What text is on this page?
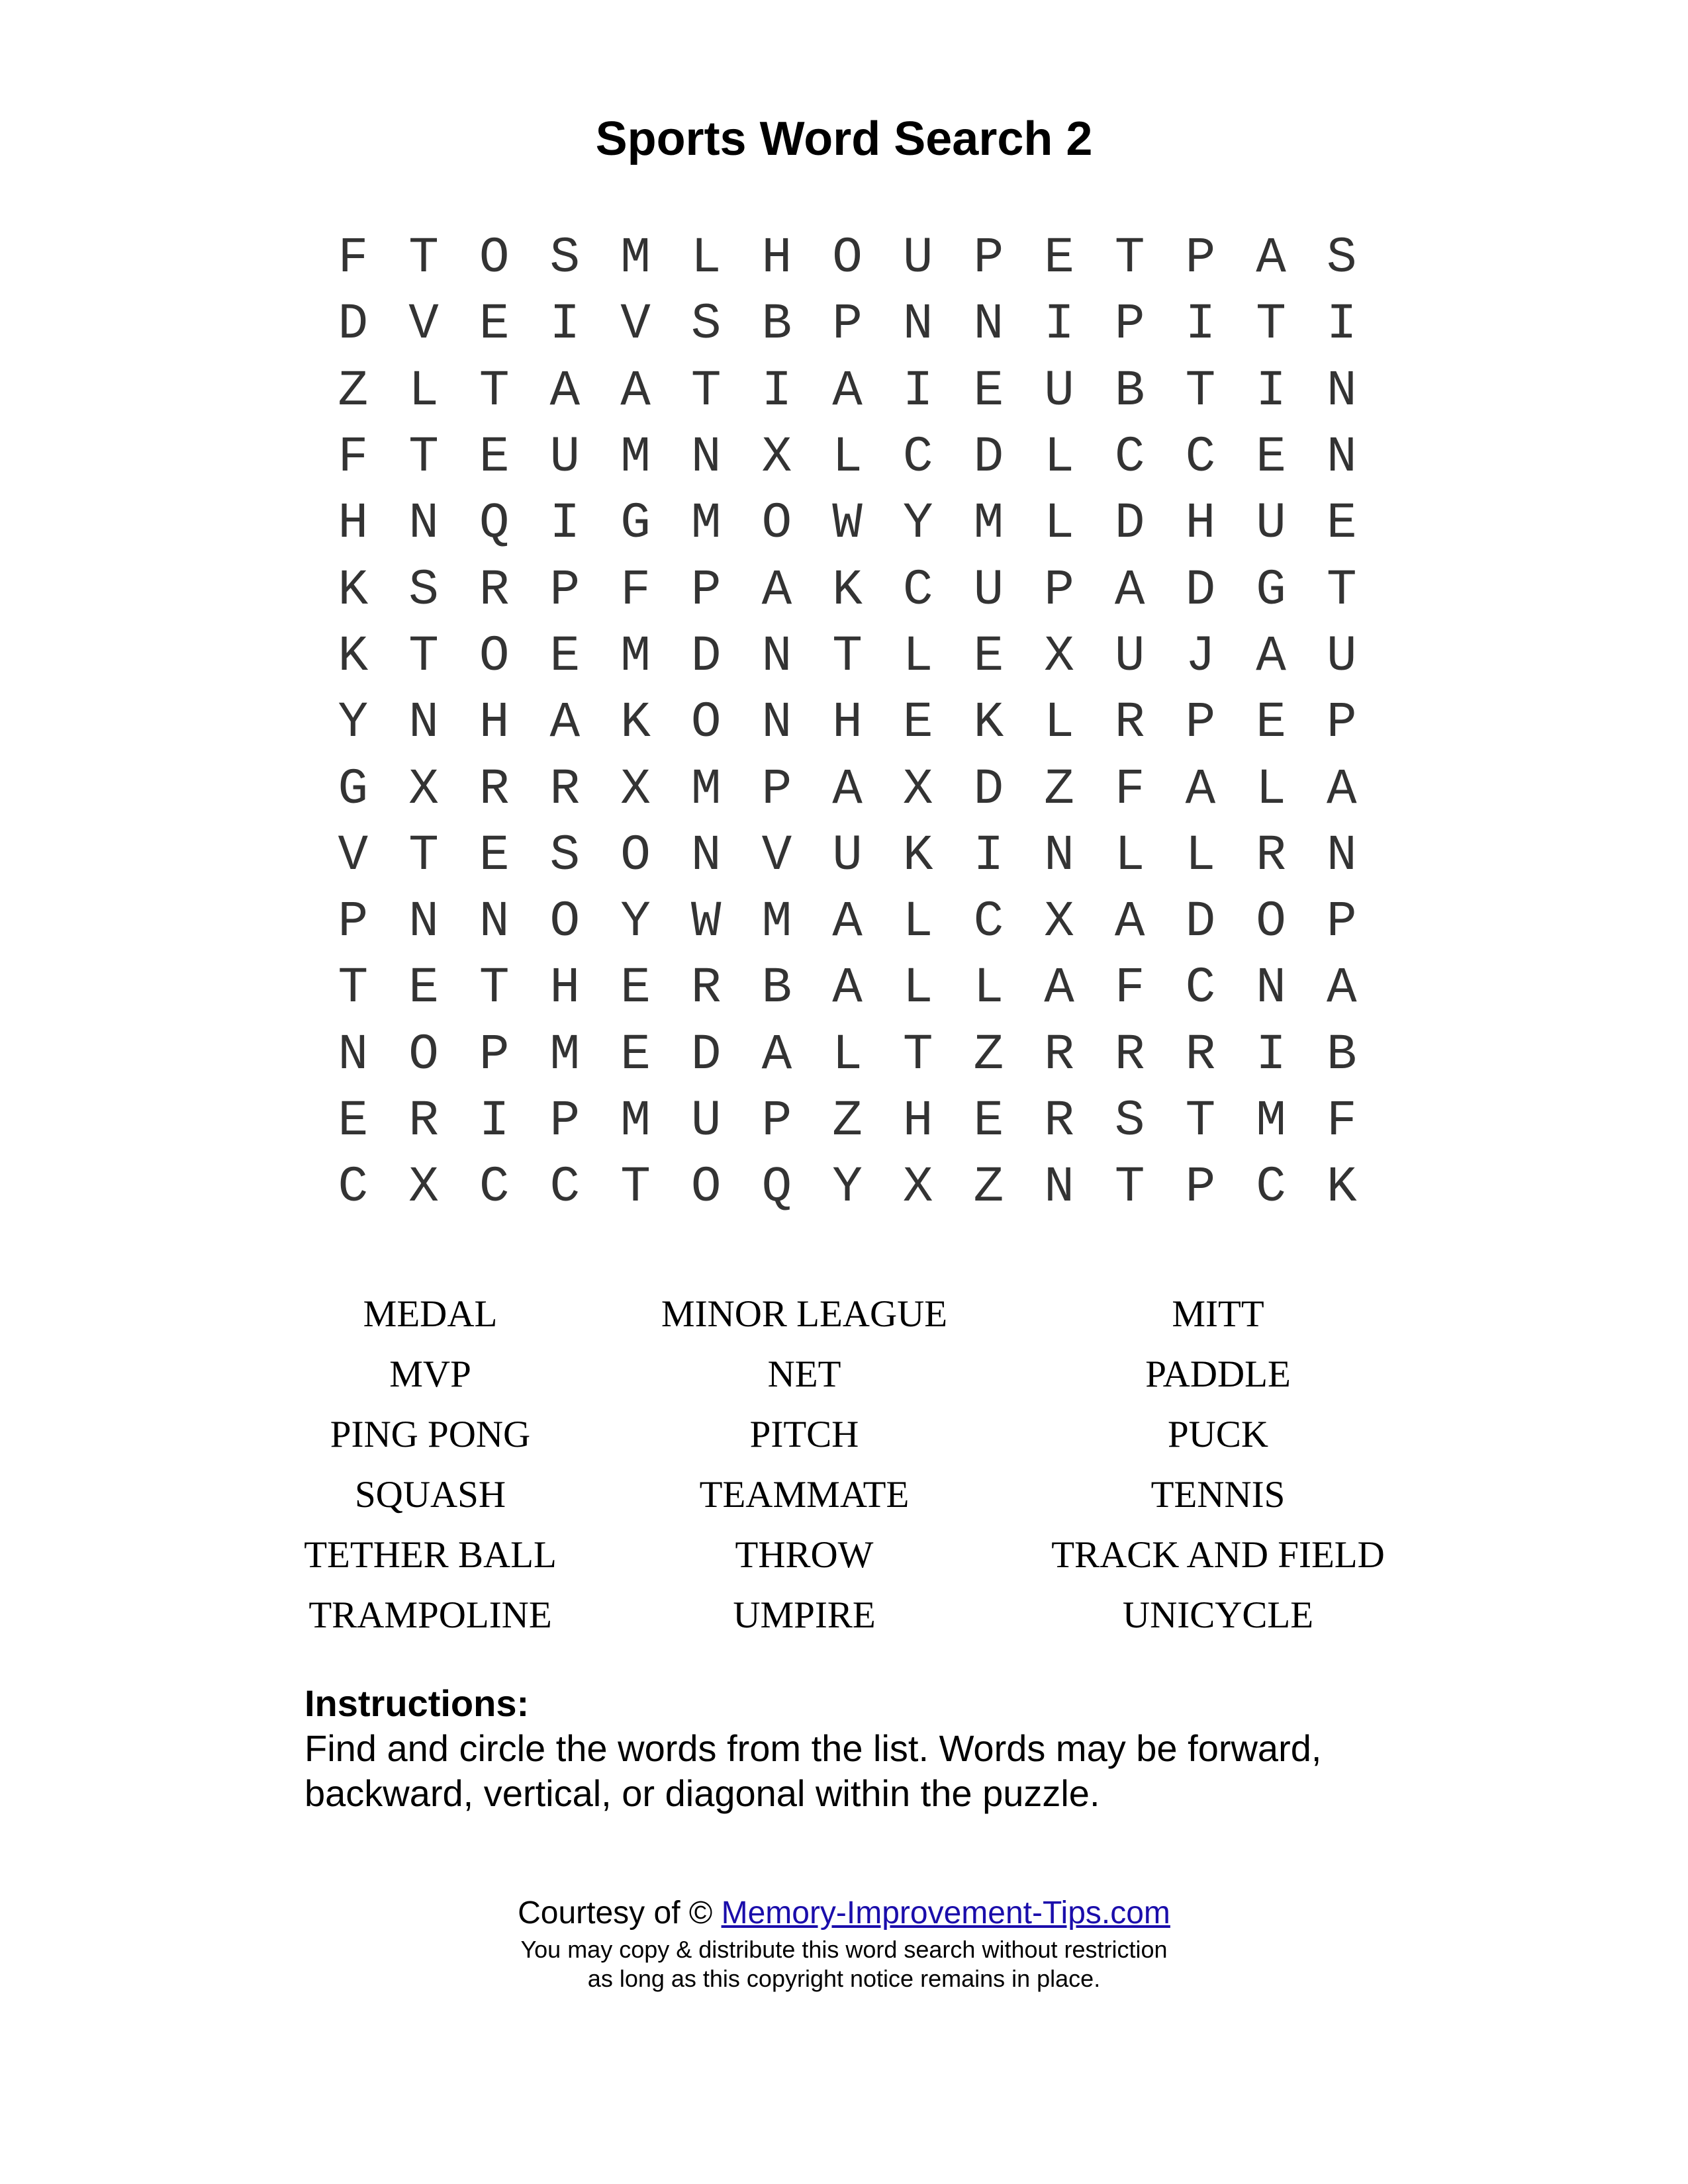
Sports Word Search 2
F T O S M L H O U P E T P A S
D V E I V S B P N N I P I T I
Z L T A A T I A I E U B T I N
F T E U M N X L C D L C C E N
H N Q I G M O W Y M L D H U E
K S R P F P A K C U P A D G T
K T O E M D N T L E X U J A U
Y N H A K O N H E K L R P E P
G X R R X M P A X D Z F A L A
V T E S O N V U K I N L L R N
P N N O Y W M A L C X A D O P
T E T H E R B A L L A F C N A
N O P M E D A L T Z R R R I B
E R I P M U P Z H E R S T M F
C X C C T O Q Y X Z N T P C K
MEDAL	MINOR LEAGUE	MITT
MVP	NET	PADDLE
PING PONG	PITCH	PUCK
SQUASH	TEAMMATE	TENNIS
TETHER BALL	THROW	TRACK AND FIELD
TRAMPOLINE	UMPIRE	UNICYCLE
Instructions:
Find and circle the words from the list. Words may be forward, backward, vertical, or diagonal within the puzzle.
Courtesy of © Memory-Improvement-Tips.com
You may copy & distribute this word search without restriction
as long as this copyright notice remains in place.
